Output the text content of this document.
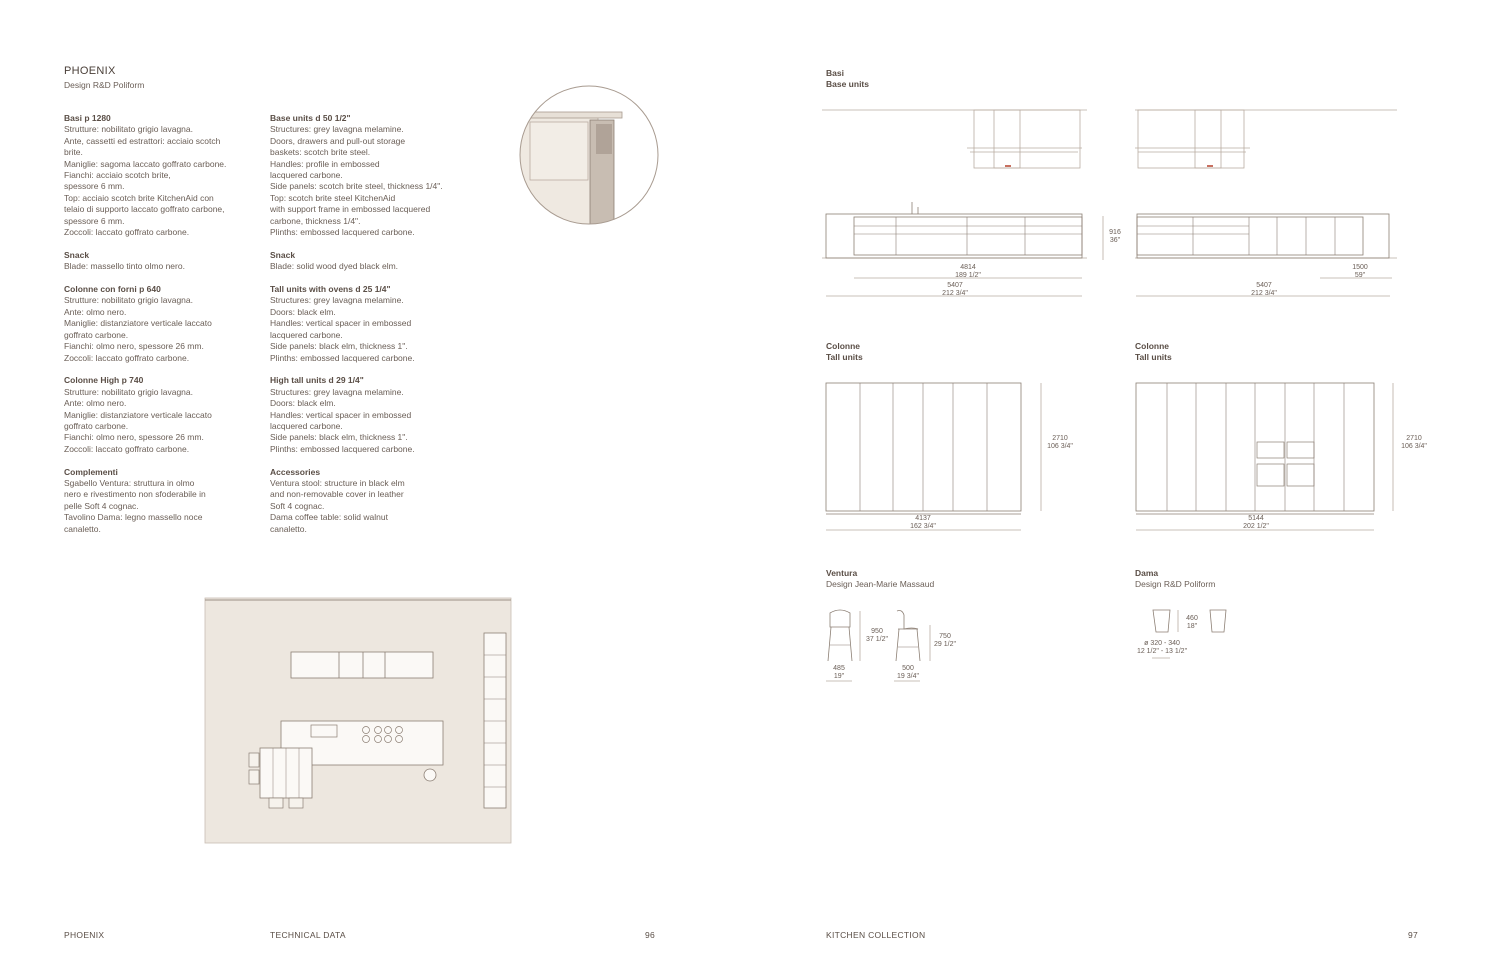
PHOENIX
Design R&D Poliform
Basi p 1280
Strutture: nobilitato grigio lavagna.
Ante, cassetti ed estrattori: acciaio scotch
brite.
Maniglie: sagoma laccato goffrato carbone.
Fianchi: acciaio scotch brite,
spessore 6 mm.
Top: acciaio scotch brite KitchenAid con
telaio di supporto laccato goffrato carbone,
spessore 6 mm.
Zoccoli: laccato goffrato carbone.
Snack
Blade: massello tinto olmo nero.
Colonne con forni p 640
Strutture: nobilitato grigio lavagna.
Ante: olmo nero.
Maniglie: distanziatore verticale laccato
goffrato carbone.
Fianchi: olmo nero, spessore 26 mm.
Zoccoli: laccato goffrato carbone.
Colonne High p 740
Strutture: nobilitato grigio lavagna.
Ante: olmo nero.
Maniglie: distanziatore verticale laccato
goffrato carbone.
Fianchi: olmo nero, spessore 26 mm.
Zoccoli: laccato goffrato carbone.
Complementi
Sgabello Ventura: struttura in olmo
nero e rivestimento non sfoderabile in
pelle Soft 4 cognac.
Tavolino Dama: legno massello noce
canaletto.
Base units d 50 1/2"
Structures: grey lavagna melamine.
Doors, drawers and pull-out storage
baskets: scotch brite steel.
Handles: profile in embossed
lacquered carbone.
Side panels: scotch brite steel, thickness 1/4".
Top: scotch brite steel KitchenAid
with support frame in embossed lacquered
carbone, thickness 1/4".
Plinths: embossed lacquered carbone.
Snack
Blade: solid wood dyed black elm.
Tall units with ovens d 25 1/4"
Structures: grey lavagna melamine.
Doors: black elm.
Handles: vertical spacer in embossed
lacquered carbone.
Side panels: black elm, thickness 1".
Plinths: embossed lacquered carbone.
High tall units d 29 1/4"
Structures: grey lavagna melamine.
Doors: black elm.
Handles: vertical spacer in embossed
lacquered carbone.
Side panels: black elm, thickness 1".
Plinths: embossed lacquered carbone.
Accessories
Ventura stool: structure in black elm
and non-removable cover in leather
Soft 4 cognac.
Dama coffee table: solid walnut
canaletto.
Basi
Base units
4814
189 1/2"
5407
212 3/4"
916
36"
1500
59"
5407
212 3/4"
Colonne
Tall units
Colonne
Tall units
2710
106 3/4"
4137
162 3/4"
2710
106 3/4"
5144
202 1/2"
Ventura
Design Jean-Marie Massaud
950
37 1/2"	750
29 1/2"
485
19"
500
19 3/4"
Dama
Design R&D Poliform
460
18"
ø 320 - 340
12 1/2" - 13 1/2"
PHOENIX	TECHNICAL DATA	96	KITCHEN COLLECTION	97
